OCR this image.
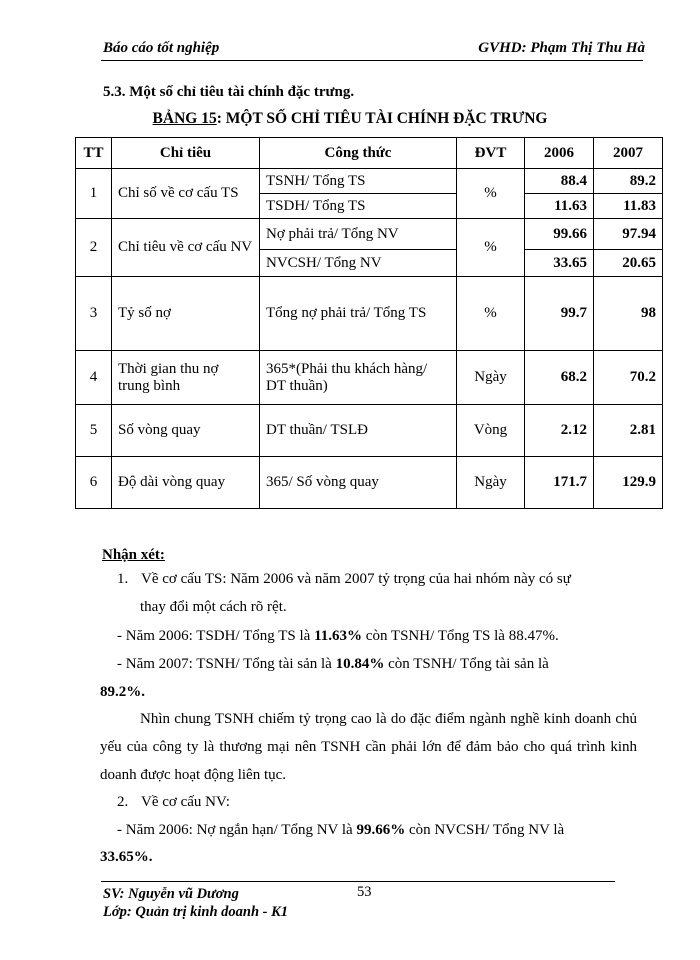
Báo cáo tốt nghiệp	GVHD: Phạm Thị Thu Hà
5.3. Một số chỉ tiêu tài chính đặc trưng.
BẢNG 15: MỘT SỐ CHỈ TIÊU TÀI CHÍNH ĐẶC TRƯNG
TT	Chỉ tiêu	Công thức	ĐVT	2006	2007
1	Chỉ số về cơ cấu TS	TSNH/ Tổng TS	%	88.4	89.2
		TSDH/ Tổng TS		11.63	11.83
2	Chỉ tiêu về cơ cấu NV	Nợ phải trả/ Tổng NV	%	99.66	97.94
		NVCSH/ Tổng NV		33.65	20.65
3	Tỷ số nợ	Tổng nợ phải trả/ Tổng TS	%	99.7	98
4	Thời gian thu nợ trung bình	365*(Phải thu khách hàng/ DT thuần)	Ngày	68.2	70.2
5	Số vòng quay	DT thuần/ TSLĐ	Vòng	2.12	2.81
6	Độ dài vòng quay	365/ Số vòng quay	Ngày	171.7	129.9
Nhận xét:
1. Về cơ cấu TS: Năm 2006 và năm 2007 tỷ trọng của hai nhóm này có sự
thay đổi một cách rõ rệt.
- Năm 2006: TSDH/ Tổng TS là 11.63% còn TSNH/ Tổng TS là 88.47%.
- Năm 2007: TSNH/ Tổng tài sản là 10.84% còn TSNH/ Tổng tài sản là
89.2%.
Nhìn chung TSNH chiếm tỷ trọng cao là do đặc điểm ngành nghề kinh doanh chủ yếu của công ty là thương mại nên TSNH cần phải lớn để đảm bảo cho quá trình kinh doanh được hoạt động liên tục.
2. Về cơ cấu NV:
- Năm 2006: Nợ ngắn hạn/ Tổng NV là 99.66% còn NVCSH/ Tổng NV là
33.65%.
SV: Nguyễn vũ Dương	53
Lớp: Quản trị kinh doanh - K1
